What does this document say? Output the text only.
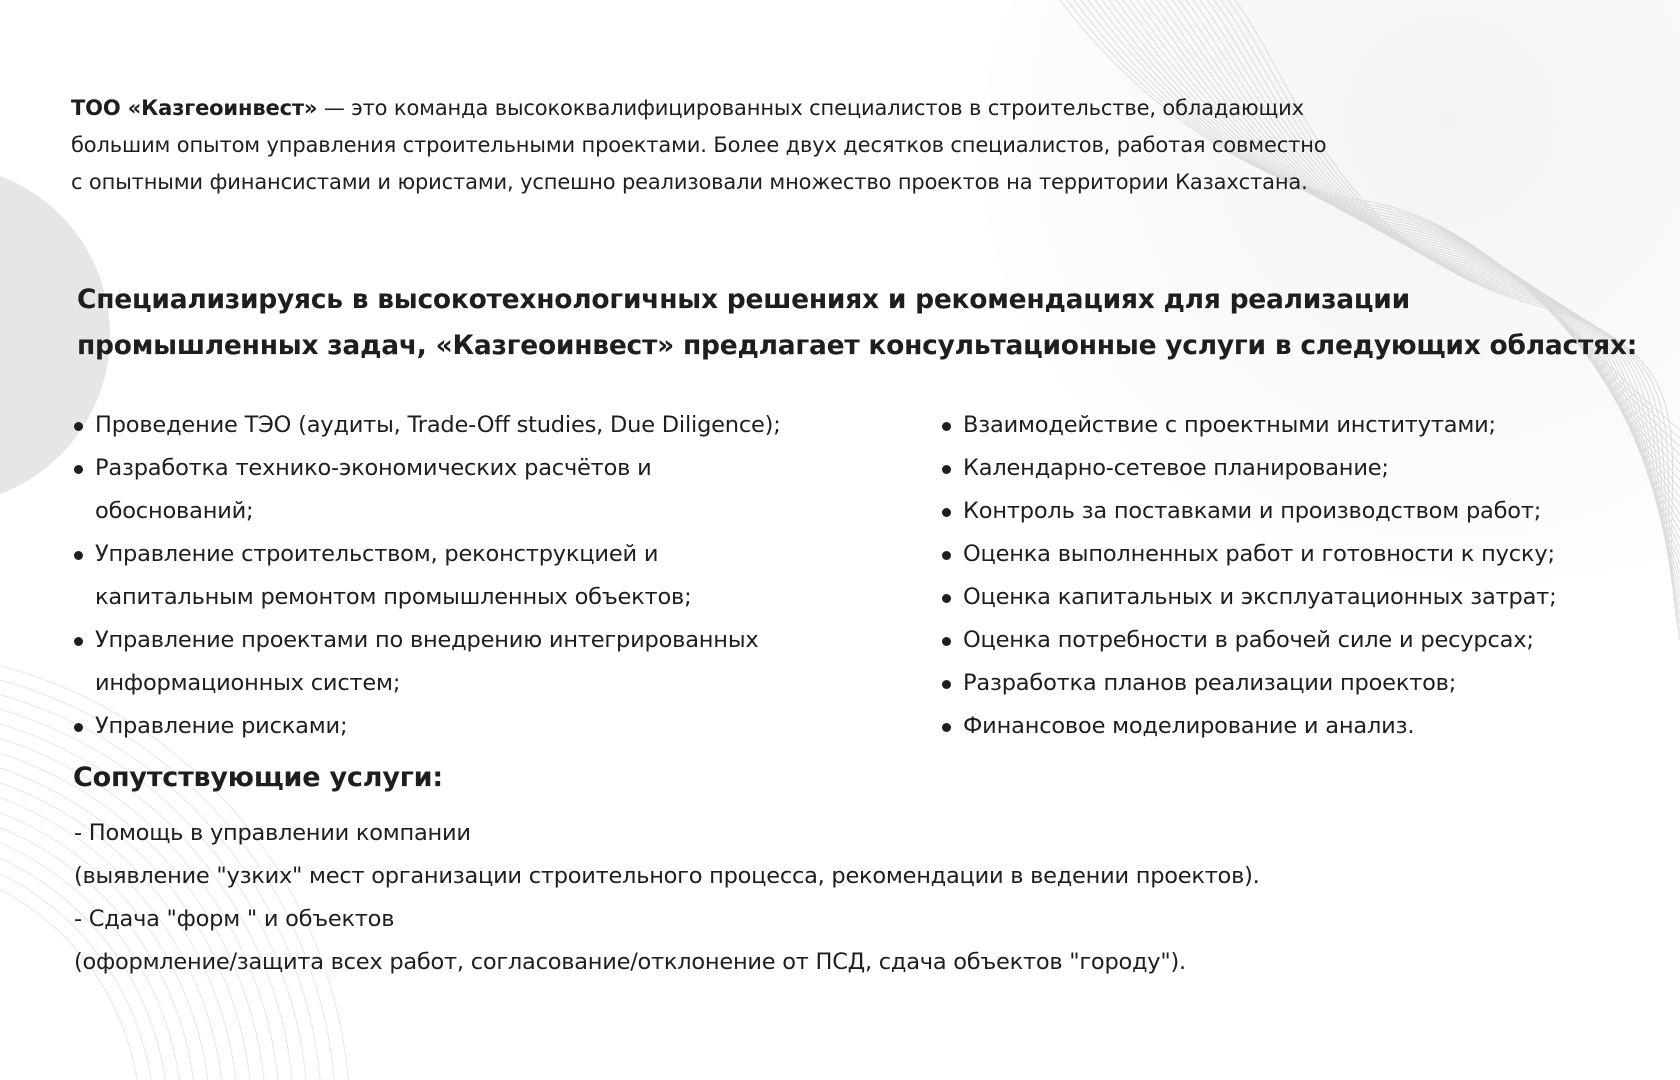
ТОО «Казгеоинвест» — это команда высококвалифицированных специалистов в строительстве, обладающих большим опытом управления строительными проектами. Более двух десятков специалистов, работая совместно с опытными финансистами и юристами, успешно реализовали множество проектов на территории Казахстана.

Специализируясь в высокотехнологичных решениях и рекомендациях для реализации
промышленных задач, «Казгеоинвест» предлагает консультационные услуги в следующих областях:
Проведение ТЭО (аудиты, Trade-Off studies, Due Diligence);
Разработка технико-экономических расчётов и обоснований;
Управление строительством, реконструкцией и капитальным ремонтом промышленных объектов;
Управление проектами по внедрению интегрированных информационных систем;
Управление рисками;
Взаимодействие с проектными институтами;
Календарно-сетевое планирование;
Контроль за поставками и производством работ;
Оценка выполненных работ и готовности к пуску;
Оценка капитальных и эксплуатационных затрат;
Оценка потребности в рабочей силе и ресурсах;
Разработка планов реализации проектов;
Финансовое моделирование и анализ.
Сопутствующие услуги:
- Помощь в управлении компании
(выявление "узких" мест организации строительного процесса, рекомендации в ведении проектов).
- Сдача "форм " и объектов
(оформление/защита всех работ, согласование/отклонение от ПСД, сдача объектов "городу").
